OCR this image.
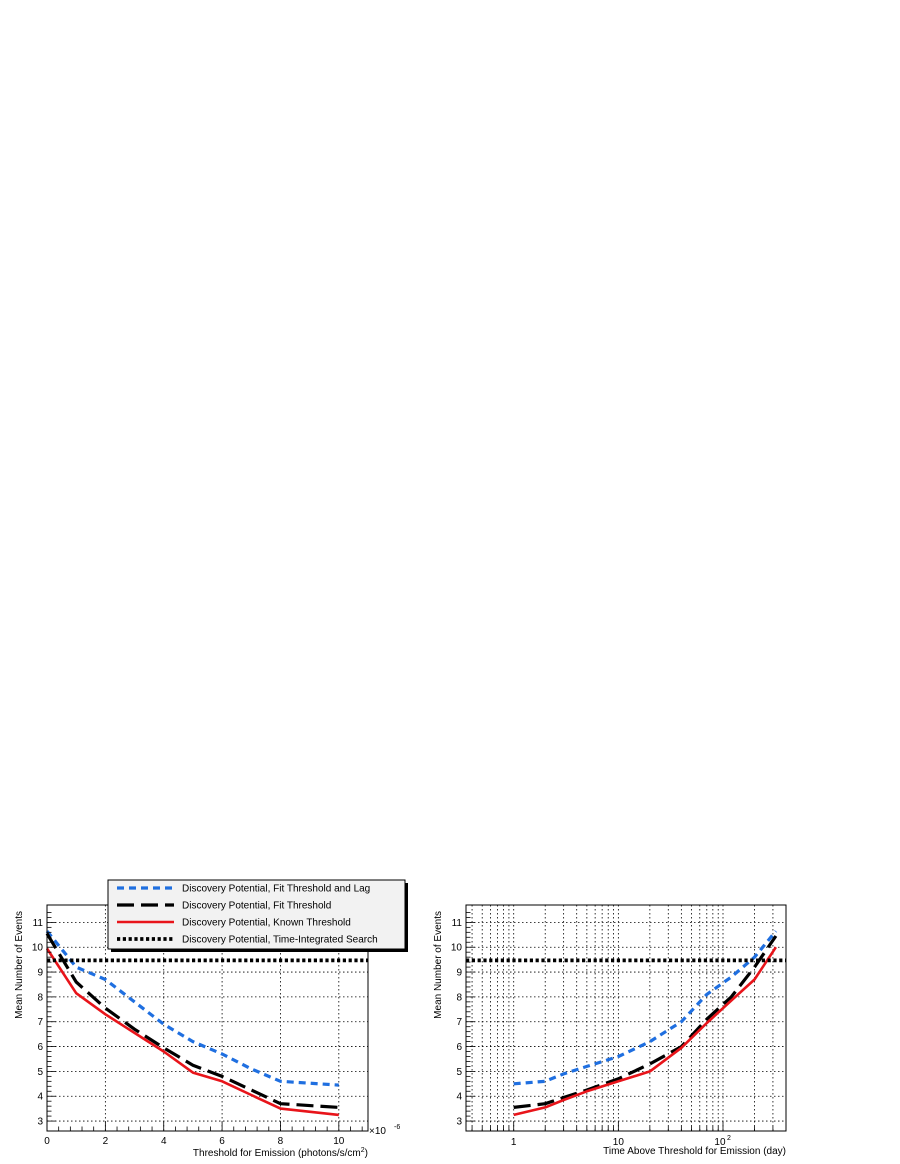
3
4
5
6
7
8
9
10
11
0	2	4	6	8	10
×10 -6
Threshold for Emission $(photons/s/cm^2)$
Mean Number of Events
3
4
5
6
7
8
9
10
11
1	10	10 2
Time Above Threshold for Emission (day)
Mean Number of Events
Discovery Potential, Fit Threshold and Lag
Discovery Potential, Fit Threshold
Discovery Potential, Known Threshold
Discovery Potential, Time-Integrated Search
